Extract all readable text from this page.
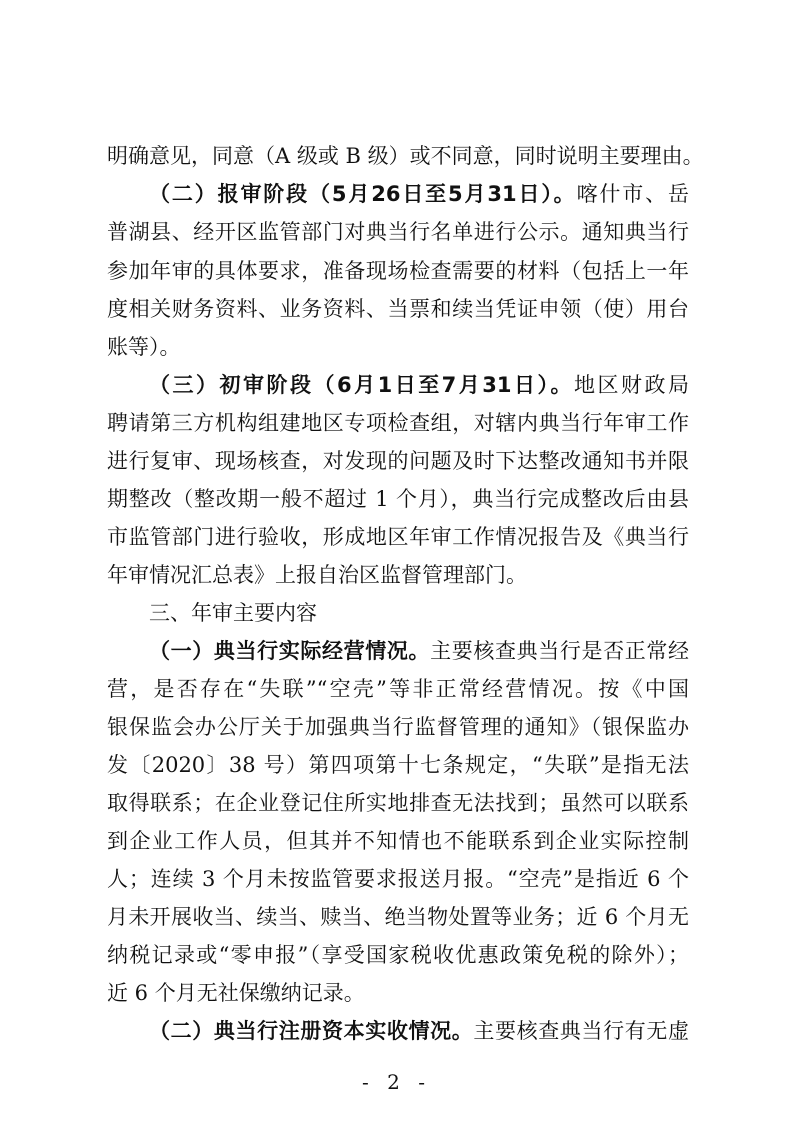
明确意见，同意（A 级或 B 级）或不同意，同时说明主要理由。
（二）报审阶段（5月26日至5月31日）。喀什市、岳
普湖县、经开区监管部门对典当行名单进行公示。通知典当行
参加年审的具体要求，准备现场检查需要的材料（包括上一年
度相关财务资料、业务资料、当票和续当凭证申领（使）用台
账等）。
（三）初审阶段（6月1日至7月31日）。地区财政局
聘请第三方机构组建地区专项检查组，对辖内典当行年审工作
进行复审、现场核查，对发现的问题及时下达整改通知书并限
期整改（整改期一般不超过 1 个月），典当行完成整改后由县
市监管部门进行验收，形成地区年审工作情况报告及《典当行
年审情况汇总表》上报自治区监督管理部门。
三、年审主要内容
（一）典当行实际经营情况。主要核查典当行是否正常经
营，是否存在“失联”“空壳”等非正常经营情况。按《中国
银保监会办公厅关于加强典当行监督管理的通知》（银保监办
发〔2020〕38 号）第四项第十七条规定，“失联”是指无法
取得联系；在企业登记住所实地排查无法找到；虽然可以联系
到企业工作人员，但其并不知情也不能联系到企业实际控制
人；连续 3 个月未按监管要求报送月报。“空壳”是指近 6 个
月未开展收当、续当、赎当、绝当物处置等业务；近 6 个月无
纳税记录或“零申报”（享受国家税收优惠政策免税的除外）；
近 6 个月无社保缴纳记录。
（二）典当行注册资本实收情况。主要核查典当行有无虚
- 2 -
